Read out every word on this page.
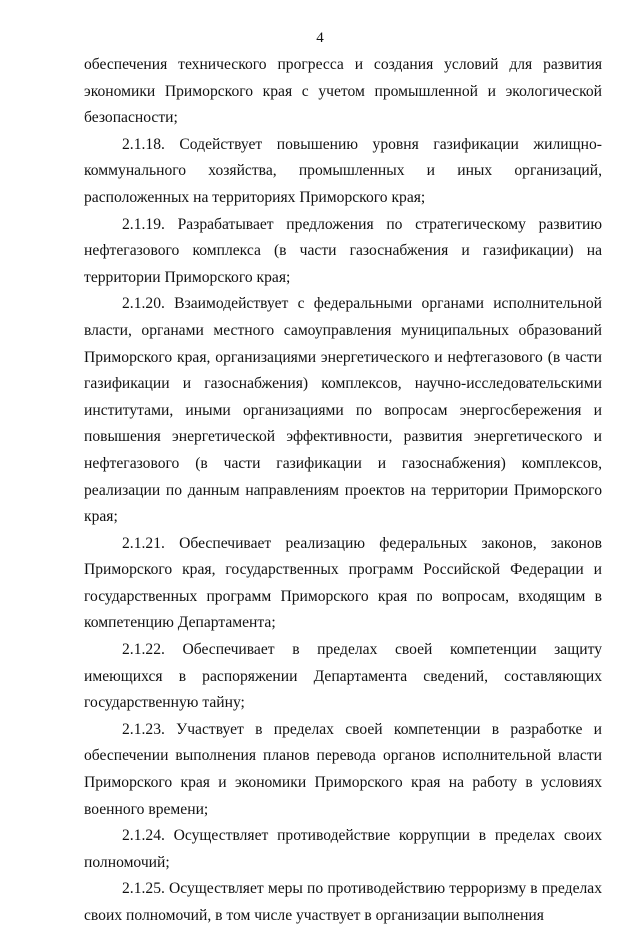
4

обеспечения технического прогресса и создания условий для развития экономики Приморского края с учетом промышленной и экологической безопасности;

2.1.18. Содействует повышению уровня газификации жилищно-коммунального хозяйства, промышленных и иных организаций, расположенных на территориях Приморского края;

2.1.19. Разрабатывает предложения по стратегическому развитию нефтегазового комплекса (в части газоснабжения и газификации) на территории Приморского края;

2.1.20. Взаимодействует с федеральными органами исполнительной власти, органами местного самоуправления муниципальных образований Приморского края, организациями энергетического и нефтегазового (в части газификации и газоснабжения) комплексов, научно-исследовательскими институтами, иными организациями по вопросам энергосбережения и повышения энергетической эффективности, развития энергетического и нефтегазового (в части газификации и газоснабжения) комплексов, реализации по данным направлениям проектов на территории Приморского края;

2.1.21. Обеспечивает реализацию федеральных законов, законов Приморского края, государственных программ Российской Федерации и государственных программ Приморского края по вопросам, входящим в компетенцию Департамента;

2.1.22. Обеспечивает в пределах своей компетенции защиту имеющихся в распоряжении Департамента сведений, составляющих государственную тайну;

2.1.23. Участвует в пределах своей компетенции в разработке и обеспечении выполнения планов перевода органов исполнительной власти Приморского края и экономики Приморского края на работу в условиях военного времени;

2.1.24. Осуществляет противодействие коррупции в пределах своих полномочий;

2.1.25. Осуществляет меры по противодействию терроризму в пределах своих полномочий, в том числе участвует в организации выполнения
